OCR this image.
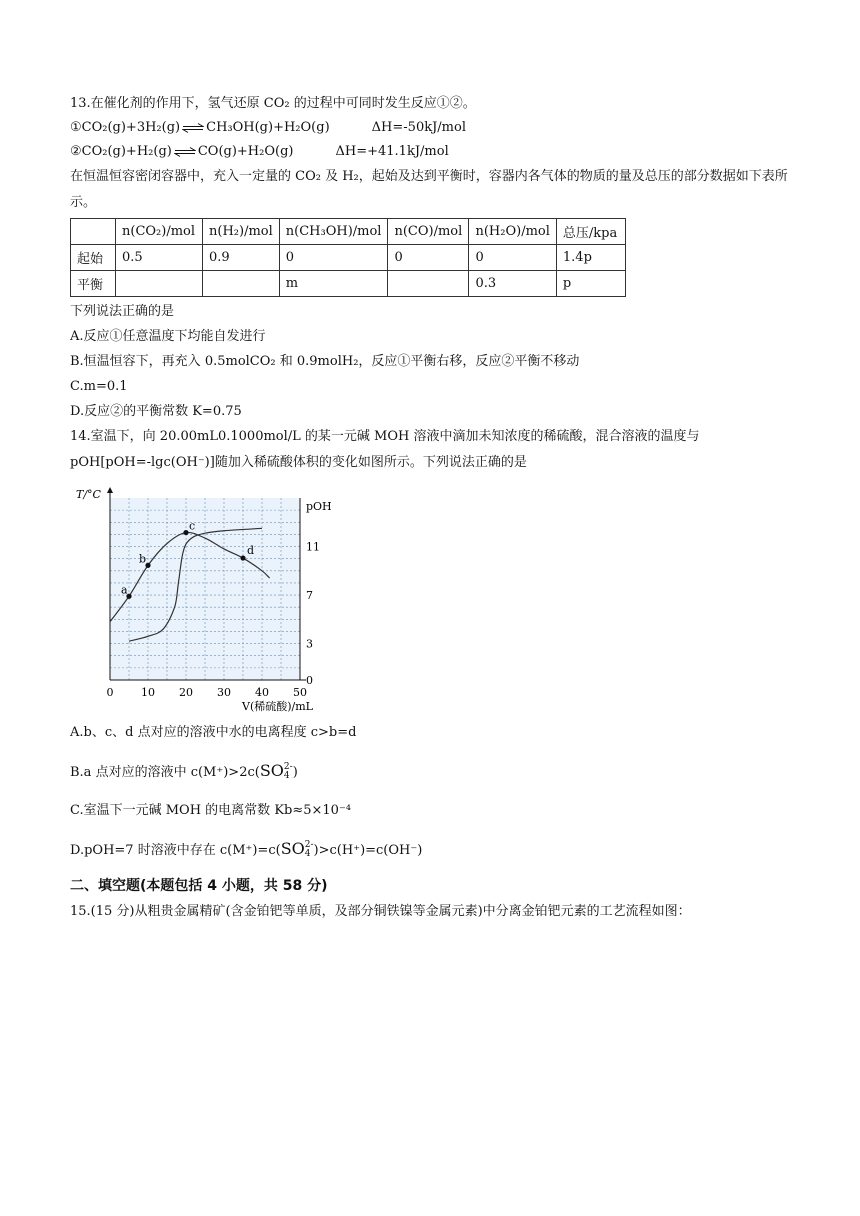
13.在催化剂的作用下，氢气还原 CO₂ 的过程中可同时发生反应①②。
①CO₂(g)+3H₂(g) ⇌ CH₃OH(g)+H₂O(g)	ΔH=-50kJ/mol
②CO₂(g)+H₂(g) ⇌ CO(g)+H₂O(g)	ΔH=+41.1kJ/mol
在恒温恒容密闭容器中，充入一定量的 CO₂ 及 H₂，起始及达到平衡时，容器内各气体的物质的量及总压的部分数据如下表所示。
	n(CO₂)/mol	n(H₂)/mol	n(CH₃OH)/mol	n(CO)/mol	n(H₂O)/mol	总压/kpa
起始	0.5	0.9	0	0	0	1.4p
平衡			m		0.3	p
下列说法正确的是
A.反应①任意温度下均能自发进行
B.恒温恒容下，再充入 0.5molCO₂ 和 0.9molH₂，反应①平衡右移，反应②平衡不移动
C.m=0.1
D.反应②的平衡常数 K=0.75
14.室温下，向 20.00mL0.1000mol/L 的某一元碱 MOH 溶液中滴加未知浓度的稀硫酸，混合溶液的温度与
pOH[pOH=-lgc(OH⁻)]随加入稀硫酸体积的变化如图所示。下列说法正确的是
T/°C
pOH
V(稀硫酸)/mL
0	10 20 30 40 50
0
3
7
11
a
b
c
d
A.b、c、d 点对应的溶液中水的电离程度 c>b=d
B.a 点对应的溶液中 c(M⁺)>2c(SO 2-
4 )
C.室温下一元碱 MOH 的电离常数 Kb≈5×10⁻⁴
D.pOH=7 时溶液中存在 c(M⁺)=c(SO 2-
4 )>c(H⁺)=c(OH⁻)
二、填空题(本题包括 4 小题，共 58 分)
15.(15 分)从粗贵金属精矿(含金铂钯等单质，及部分铜铁镍等金属元素)中分离金铂钯元素的工艺流程如图：
